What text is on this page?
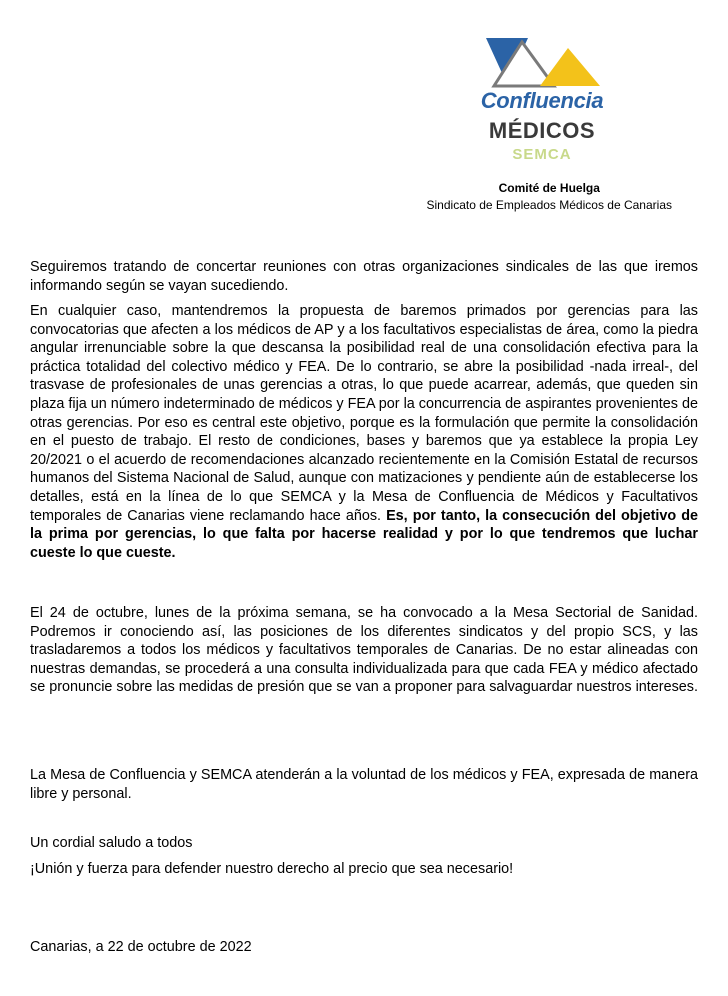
Confluencia
MÉDICOS
SEMCA
Comité de Huelga
Sindicato de Empleados Médicos de Canarias

Seguiremos tratando de concertar reuniones con otras organizaciones sindicales de las que iremos informando según se vayan sucediendo.

En cualquier caso, mantendremos la propuesta de baremos primados por gerencias para las convocatorias que afecten a los médicos de AP y a los facultativos especialistas de área, como la piedra angular irrenunciable sobre la que descansa la posibilidad real de una consolidación efectiva para la práctica totalidad del colectivo médico y FEA. De lo contrario, se abre la posibilidad -nada irreal-, del trasvase de profesionales de unas gerencias a otras, lo que puede acarrear, además, que queden sin plaza fija un número indeterminado de médicos y FEA por la concurrencia de aspirantes provenientes de otras gerencias. Por eso es central este objetivo, porque es la formulación que permite la consolidación en el puesto de trabajo. El resto de condiciones, bases y baremos que ya establece la propia Ley 20/2021 o el acuerdo de recomendaciones alcanzado recientemente en la Comisión Estatal de recursos humanos del Sistema Nacional de Salud, aunque con matizaciones y pendiente aún de establecerse los detalles, está en la línea de lo que SEMCA y la Mesa de Confluencia de Médicos y Facultativos temporales de Canarias viene reclamando hace años. Es, por tanto, la consecución del objetivo de la prima por gerencias, lo que falta por hacerse realidad y por lo que tendremos que luchar cueste lo que cueste.

El 24 de octubre, lunes de la próxima semana, se ha convocado a la Mesa Sectorial de Sanidad. Podremos ir conociendo así, las posiciones de los diferentes sindicatos y del propio SCS, y las trasladaremos a todos los médicos y facultativos temporales de Canarias. De no estar alineadas con nuestras demandas, se procederá a una consulta individualizada para que cada FEA y médico afectado se pronuncie sobre las medidas de presión que se van a proponer para salvaguardar nuestros intereses.

La Mesa de Confluencia y SEMCA atenderán a la voluntad de los médicos y FEA, expresada de manera libre y personal.

Un cordial saludo a todos

¡Unión y fuerza para defender nuestro derecho al precio que sea necesario!

Canarias, a 22 de octubre de 2022
